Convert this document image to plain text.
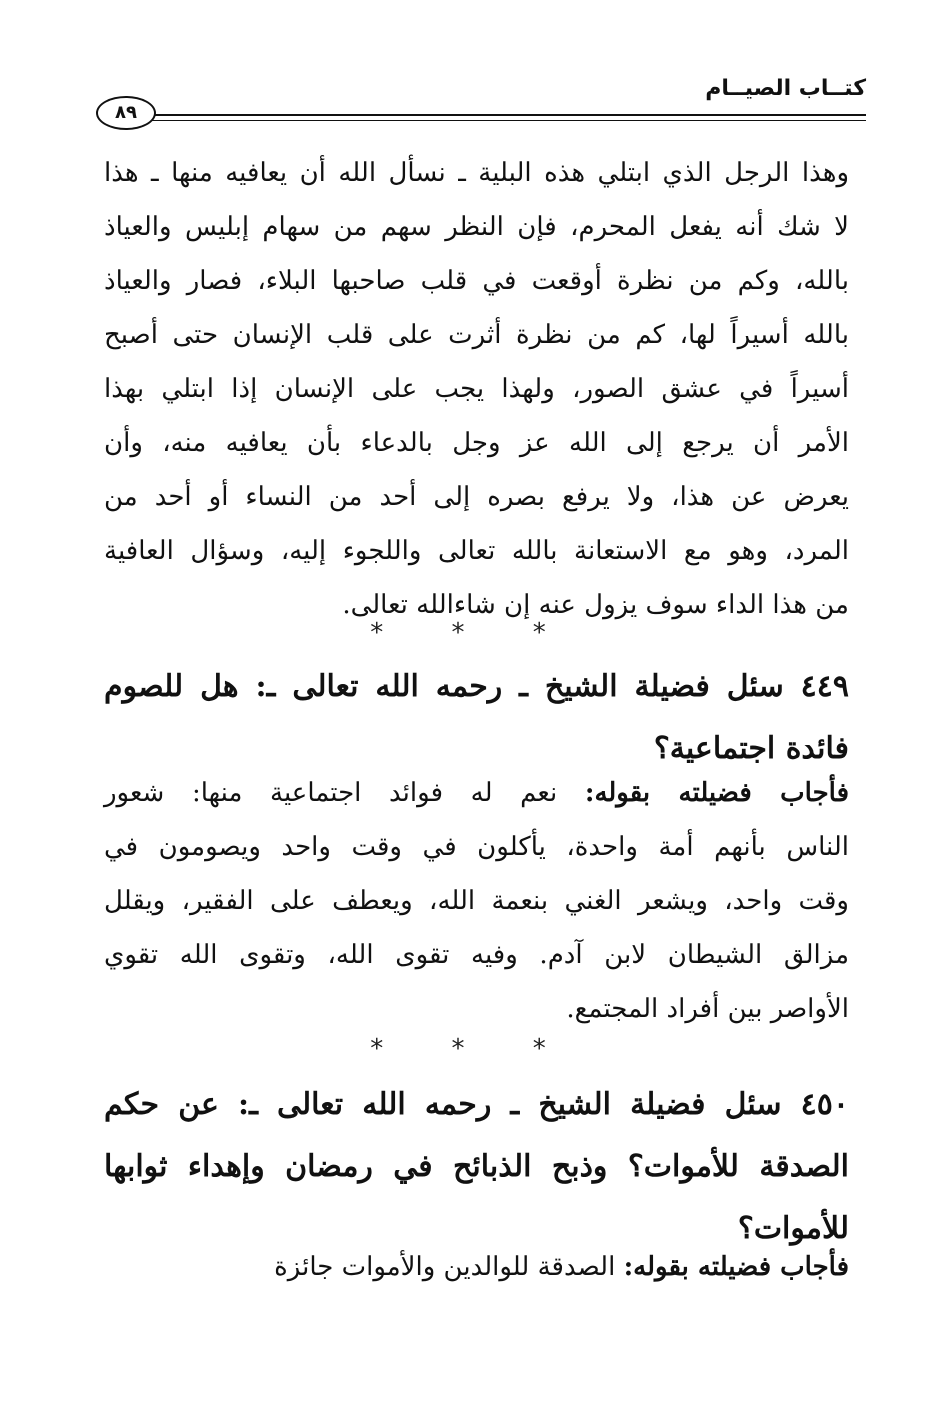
كتــاب الصيــام
٨٩
وهذا الرجل الذي ابتلي هذه البلية ـ نسأل الله أن يعافيه منها ـ هذا
لا شك أنه يفعل المحرم، فإن النظر سهم من سهام إبليس والعياذ
بالله، وكم من نظرة أوقعت في قلب صاحبها البلاء، فصار والعياذ
بالله أسيراً لها، كم من نظرة أثرت على قلب الإنسان حتى أصبح
أسيراً في عشق الصور، ولهذا يجب على الإنسان إذا ابتلي بهذا
الأمر أن يرجع إلى الله عز وجل بالدعاء بأن يعافيه منه، وأن
يعرض عن هذا، ولا يرفع بصره إلى أحد من النساء أو أحد من
المرد، وهو مع الاستعانة بالله تعالى واللجوء إليه، وسؤال العافية
من هذا الداء سوف يزول عنه إن شاءالله تعالى.
* * *
٤٤٩ سئل فضيلة الشيخ ـ رحمه الله تعالى ـ: هل للصوم
فائدة اجتماعية؟
فأجاب فضيلته بقوله: نعم له فوائد اجتماعية منها: شعور
الناس بأنهم أمة واحدة، يأكلون في وقت واحد ويصومون في
وقت واحد، ويشعر الغني بنعمة الله، ويعطف على الفقير، ويقلل
مزالق الشيطان لابن آدم. وفيه تقوى الله، وتقوى الله تقوي
الأواصر بين أفراد المجتمع.
* * *
٤٥٠ سئل فضيلة الشيخ ـ رحمه الله تعالى ـ: عن حكم
الصدقة للأموات؟ وذبح الذبائح في رمضان وإهداء ثوابها
للأموات؟
فأجاب فضيلته بقوله: الصدقة للوالدين والأموات جائزة
